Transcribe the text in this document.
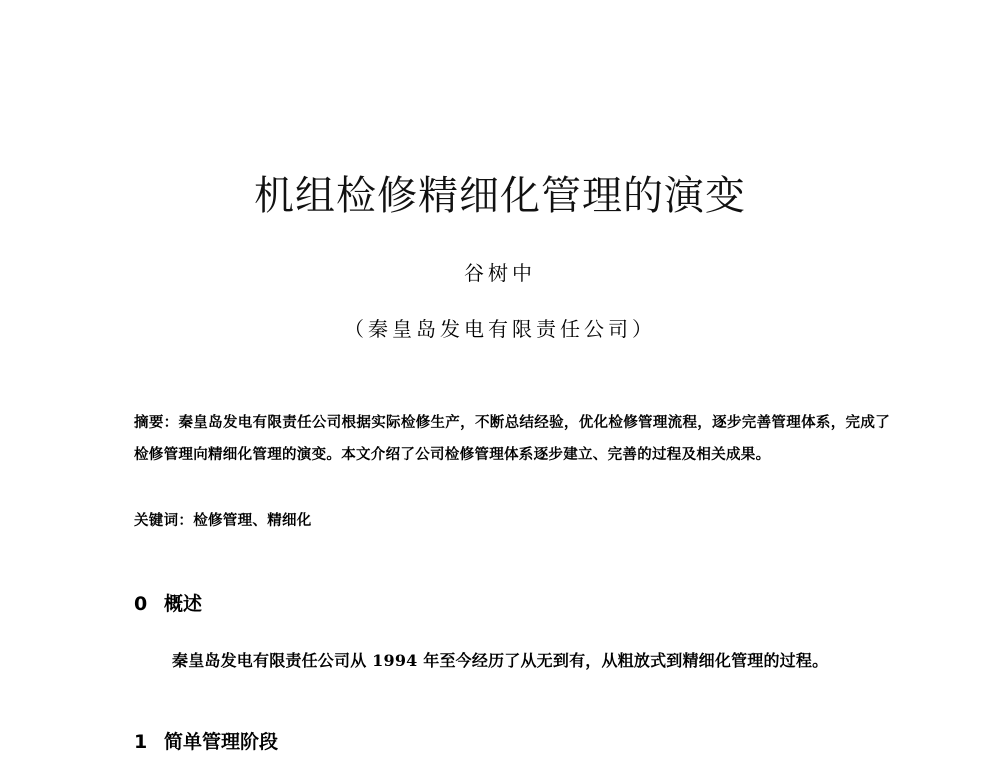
机组检修精细化管理的演变
谷树中
（秦皇岛发电有限责任公司）
摘要：秦皇岛发电有限责任公司根据实际检修生产，不断总结经验，优化检修管理流程，逐步完善管理体系，完成了检修管理向精细化管理的演变。本文介绍了公司检修管理体系逐步建立、完善的过程及相关成果。
关键词：检修管理、精细化
0 概述
秦皇岛发电有限责任公司从 1994 年至今经历了从无到有，从粗放式到精细化管理的过程。
1 简单管理阶段
